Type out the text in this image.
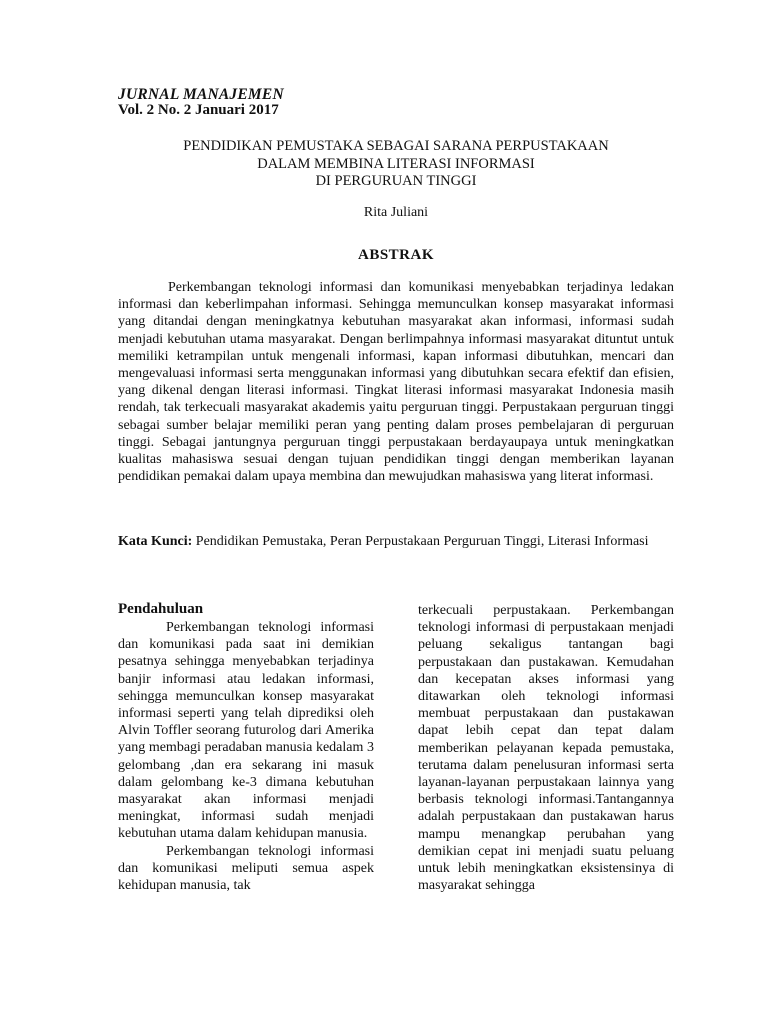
JURNAL MANAJEMEN
Vol. 2 No. 2 Januari 2017
PENDIDIKAN PEMUSTAKA SEBAGAI SARANA PERPUSTAKAAN
DALAM MEMBINA LITERASI INFORMASI
DI PERGURUAN TINGGI
Rita Juliani
ABSTRAK

Perkembangan teknologi informasi dan komunikasi menyebabkan terjadinya ledakan informasi dan keberlimpahan informasi. Sehingga memunculkan konsep masyarakat informasi yang ditandai dengan meningkatnya kebutuhan masyarakat akan informasi, informasi sudah menjadi kebutuhan utama masyarakat. Dengan berlimpahnya informasi masyarakat dituntut untuk memiliki ketrampilan untuk mengenali informasi, kapan informasi dibutuhkan, mencari dan mengevaluasi informasi serta menggunakan informasi yang dibutuhkan secara efektif dan efisien, yang dikenal dengan literasi informasi. Tingkat literasi informasi masyarakat Indonesia masih rendah, tak terkecuali masyarakat akademis yaitu perguruan tinggi. Perpustakaan perguruan tinggi sebagai sumber belajar memiliki peran yang penting dalam proses pembelajaran di perguruan tinggi. Sebagai jantungnya perguruan tinggi perpustakaan berdayaupaya untuk meningkatkan kualitas mahasiswa sesuai dengan tujuan pendidikan tinggi dengan memberikan layanan pendidikan pemakai dalam upaya membina dan mewujudkan mahasiswa yang literat informasi.

Kata Kunci: Pendidikan Pemustaka, Peran Perpustakaan Perguruan Tinggi, Literasi Informasi

Pendahuluan

Perkembangan teknologi informasi dan komunikasi pada saat ini demikian pesatnya sehingga menyebabkan terjadinya banjir informasi atau ledakan informasi, sehingga memunculkan konsep masyarakat informasi seperti yang telah diprediksi oleh Alvin Toffler seorang futurolog dari Amerika yang membagi peradaban manusia kedalam 3 gelombang ,dan era sekarang ini masuk dalam gelombang ke-3 dimana kebutuhan masyarakat akan informasi menjadi meningkat, informasi sudah menjadi kebutuhan utama dalam kehidupan manusia.

Perkembangan teknologi informasi dan komunikasi meliputi semua aspek kehidupan manusia, tak

terkecuali perpustakaan. Perkembangan teknologi informasi di perpustakaan menjadi peluang sekaligus tantangan bagi perpustakaan dan pustakawan. Kemudahan dan kecepatan akses informasi yang ditawarkan oleh teknologi informasi membuat perpustakaan dan pustakawan dapat lebih cepat dan tepat dalam memberikan pelayanan kepada pemustaka, terutama dalam penelusuran informasi serta layanan-layanan perpustakaan lainnya yang berbasis teknologi informasi.Tantangannya adalah perpustakaan dan pustakawan harus mampu menangkap perubahan yang demikian cepat ini menjadi suatu peluang untuk lebih meningkatkan eksistensinya di masyarakat sehingga
